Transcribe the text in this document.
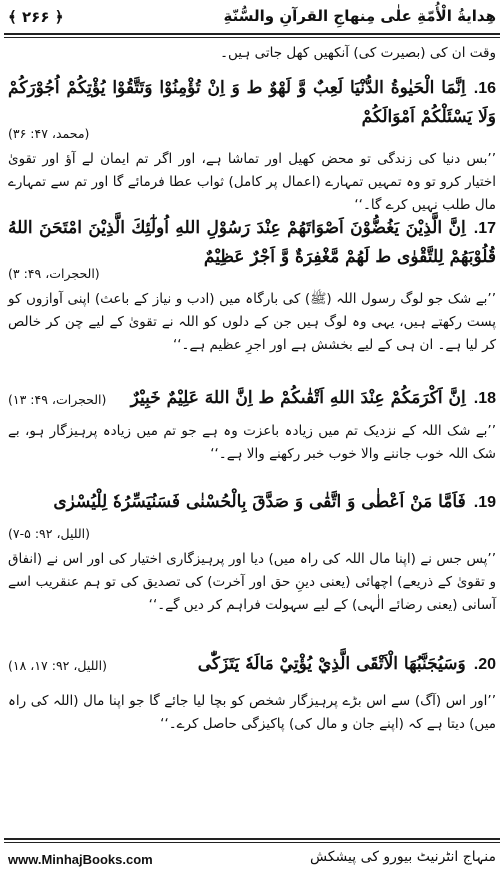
﴾ ۲۶۶ ﴿	هِدايةُ الْأُمّةِ علٰی مِنهاجِ القرآنِ والسُّنّةِ
وقت ان کی (بصیرت کی) آنکھیں کھل جاتی ہیں۔
16.اِنَّمَا الْحَيٰوةُ الدُّنْيَا لَعِبٌ وَّ لَهْوٌ ط وَ اِنْ تُؤْمِنُوْا وَتَتَّقُوْا يُؤْتِكُمْ اُجُوْرَكُمْ وَلَا يَسْئَلْكُمْ اَمْوَالَكُمْ
(محمد، ۴۷: ۳۶)
’’بس دنیا کی زندگی تو محض کھیل اور تماشا ہے، اور اگر تم ایمان لے آؤ اور تقویٰ اختیار کرو تو وہ تمہیں تمہارے (اعمال پر کامل) ثواب عطا فرمائے گا اور تم سے تمہارے مال طلب نہیں کرے گا۔‘‘
17.اِنَّ الَّذِيْنَ يَغُضُّوْنَ اَصْوَاتَهُمْ عِنْدَ رَسُوْلِ اللهِ اُولٰٓئِكَ الَّذِيْنَ امْتَحَنَ اللهُ قُلُوْبَهُمْ لِلتَّقْوٰى ط لَهُمْ مَّغْفِرَةٌ وَّ اَجْرٌ عَظِيْمٌ
(الحجرات، ۴۹: ۳)
’’بے شک جو لوگ رسول اللہ (ﷺ) کی بارگاہ میں (ادب و نیاز کے باعث) اپنی آوازوں کو پست رکھتے ہیں، یہی وہ لوگ ہیں جن کے دلوں کو اللہ نے تقویٰ کے لیے چن کر خالص کر لیا ہے۔ ان ہی کے لیے بخشش ہے اور اجرِ عظیم ہے۔‘‘
18.اِنَّ اَكْرَمَكُمْ عِنْدَ اللهِ اَتْقٰىكُمْ ط اِنَّ اللهَ عَلِيْمٌ خَبِيْرٌ
(الحجرات، ۴۹: ۱۳)
’’بے شک اللہ کے نزدیک تم میں زیادہ باعزت وہ ہے جو تم میں زیادہ پرہیزگار ہو، بے شک اللہ خوب جاننے والا خوب خبر رکھنے والا ہے۔‘‘
19.فَاَمَّا مَنْ اَعْطٰى وَ اتَّقٰى وَ صَدَّقَ بِالْحُسْنٰى فَسَنُيَسِّرُهٗ لِلْيُسْرٰى
(اللیل، ۹۲: ۵-۷)
’’پس جس نے (اپنا مال اللہ کی راہ میں) دیا اور پرہیزگاری اختیار کی اور اس نے (انفاق و تقویٰ کے ذریعے) اچھائی (یعنی دینِ حق اور آخرت) کی تصدیق کی تو ہم عنقریب اسے آسانی (یعنی رضائے الٰہی) کے لیے سہولت فراہم کر دیں گے۔‘‘
20.وَسَيُجَنَّبُهَا الْاَتْقَى الَّذِيْ يُؤْتِيْ مَالَهٗ يَتَزَكّٰى
(اللیل، ۹۲: ۱۷، ۱۸)
’’اور اس (آگ) سے اس بڑے پرہیزگار شخص کو بچا لیا جائے گا جو اپنا مال (اللہ کی راہ میں) دیتا ہے کہ (اپنے جان و مال کی) پاکیزگی حاصل کرے۔‘‘
www.MinhajBooks.com	منہاج انٹرنیٹ بیورو کی پیشکش
